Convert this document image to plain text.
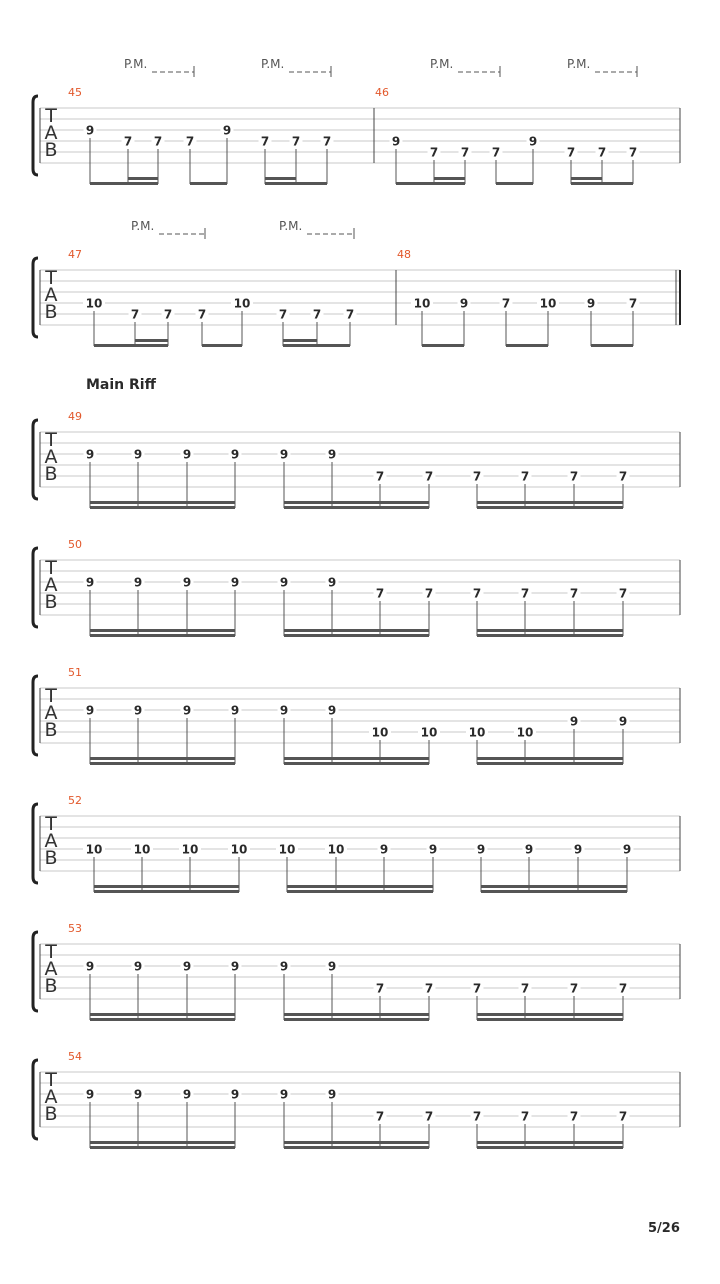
T
A
B
45
9
7 7 7
9
7 7 7
46
9
7 7 7
9
7 7 7
T
A
B
47
10
7 7 7
10
7 7 7
48
10 9	7 10	9	7
T
A
B
49
9	9	9	9	9	9
7	7	7	7	7	7
T
A
B
50
9	9	9	9	9	9
7	7	7	7	7	7
T
A
B
51
9	9	9	9	9	9
10	10	10	10
9	9
T
A
B
52
10	10	10	10	10	10	9	9	9	9	9	9
T
A
B
53
9	9	9	9	9	9
7	7	7	7	7	7
T
A
B
54
9	9	9	9	9	9
7	7	7	7	7	7
P.M.	P.M.	P.M.	P.M.
P.M.	P.M.
Main Riff
5/26
